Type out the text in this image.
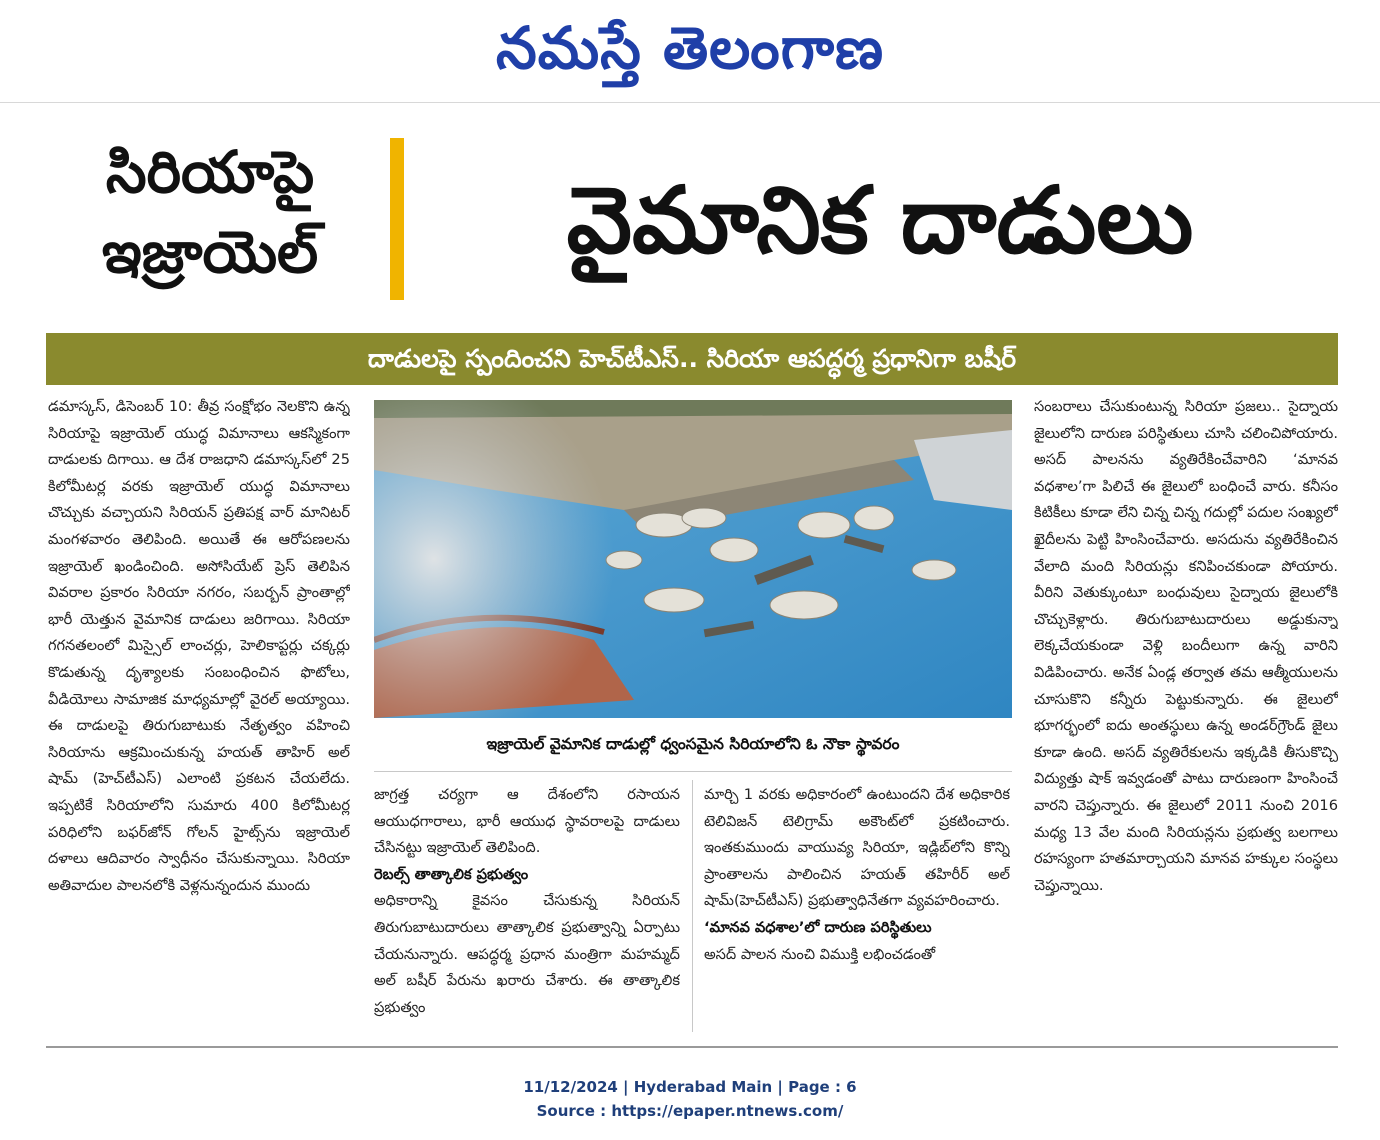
నమస్తే తెలంగాణ
సిరియాపై
ఇజ్రాయెల్	వైమానిక దాడులు
దాడులపై స్పందించని హెచ్‌టీఎస్.. సిరియా ఆపద్ధర్మ ప్రధానిగా బషీర్

డమాస్కస్, డిసెంబర్ 10: తీవ్ర సంక్షోభం నెలకొని ఉన్న సిరియాపై ఇజ్రాయెల్ యుద్ధ విమానాలు ఆకస్మికంగా దాడులకు దిగాయి. ఆ దేశ రాజధాని డమాస్కస్‌లో 25 కిలోమీటర్ల వరకు ఇజ్రాయెల్ యుద్ధ విమానాలు చొచ్చుకు వచ్చాయని సిరియన్ ప్రతిపక్ష వార్ మానిటర్ మంగళవారం తెలిపింది. అయితే ఈ ఆరోపణలను ఇజ్రాయెల్ ఖండించింది. అసోసియేట్ ప్రెస్ తెలిపిన వివరాల ప్రకారం సిరియా నగరం, సబర్బన్ ప్రాంతాల్లో భారీ యెత్తున వైమానిక దాడులు జరిగాయి. సిరియా గగనతలంలో మిస్సైల్ లాంచర్లు, హెలికాప్టర్లు చక్కర్లు కొడుతున్న దృశ్యాలకు సంబంధించిన ఫొటోలు, వీడియోలు సామాజిక మాధ్యమాల్లో వైరల్ అయ్యాయి. ఈ దాడులపై తిరుగుబాటుకు నేతృత్వం వహించి సిరియాను ఆక్రమించుకున్న హయత్ తాహిర్ అల్ షామ్ (హెచ్‌టీఎస్) ఎలాంటి ప్రకటన చేయలేదు. ఇప్పటికే సిరియాలోని సుమారు 400 కిలోమీటర్ల పరిధిలోని బఫర్‌జోన్ గోలన్ హైట్స్‌ను ఇజ్రాయెల్ దళాలు ఆదివారం స్వాధీనం చేసుకున్నాయి. సిరియా అతివాదుల పాలనలోకి వెళ్లనున్నందున ముందు

ఇజ్రాయెల్ వైమానిక దాడుల్లో ధ్వంసమైన సిరియాలోని ఓ నౌకా స్థావరం

జాగ్రత్త చర్యగా ఆ దేశంలోని రసాయన ఆయుధగారాలు, భారీ ఆయుధ స్థావరాలపై దాడులు చేసినట్టు ఇజ్రాయెల్ తెలిపింది.

రెబల్స్ తాత్కాలిక ప్రభుత్వం

అధికారాన్ని కైవసం చేసుకున్న సిరియన్ తిరుగుబాటుదారులు తాత్కాలిక ప్రభుత్వాన్ని ఏర్పాటు చేయనున్నారు. ఆపద్ధర్మ ప్రధాన మంత్రిగా మహమ్మద్ అల్ బషీర్ పేరును ఖరారు చేశారు. ఈ తాత్కాలిక ప్రభుత్వం

మార్చి 1 వరకు అధికారంలో ఉంటుందని దేశ అధికారిక టెలివిజన్ టెలిగ్రామ్ అకౌంట్‌లో ప్రకటించారు. ఇంతకుముందు వాయువ్య సిరియా, ఇడ్లిబ్‌లోని కొన్ని ప్రాంతాలను పాలించిన హయత్ తహిరీర్ అల్ షామ్(హెచ్‌టీఎస్) ప్రభుత్వాధినేతగా వ్యవహరించారు.

‘మానవ వధశాల’లో దారుణ పరిస్థితులు

అసద్ పాలన నుంచి విముక్తి లభించడంతో

సంబరాలు చేసుకుంటున్న సిరియా ప్రజలు.. సైద్నాయ జైలులోని దారుణ పరిస్థితులు చూసి చలించిపోయారు. అసద్ పాలనను వ్యతిరేకించేవారిని ‘మానవ వధశాల’గా పిలిచే ఈ జైలులో బంధించే వారు. కనీసం కిటికీలు కూడా లేని చిన్న చిన్న గదుల్లో పదుల సంఖ్యలో ఖైదీలను పెట్టి హింసించేవారు. అసదును వ్యతిరేకించిన వేలాది మంది సిరియన్లు కనిపించకుండా పోయారు. వీరిని వెతుక్కుంటూ బంధువులు సైద్నాయ జైలులోకి చొచ్చుకెళ్లారు. తిరుగుబాటుదారులు అడ్డుకున్నా లెక్కచేయకుండా వెళ్లి బందీలుగా ఉన్న వారిని విడిపించారు. అనేక ఏండ్ల తర్వాత తమ ఆత్మీయులను చూసుకొని కన్నీరు పెట్టుకున్నారు. ఈ జైలులో భూగర్భంలో ఐదు అంతస్థులు ఉన్న అండర్‌గ్రౌండ్ జైలు కూడా ఉంది. అసద్ వ్యతిరేకులను ఇక్కడికి తీసుకొచ్చి విద్యుత్తు షాక్ ఇవ్వడంతో పాటు దారుణంగా హింసించే వారని చెప్తున్నారు. ఈ జైలులో 2011 నుంచి 2016 మధ్య 13 వేల మంది సిరియన్లను ప్రభుత్వ బలగాలు రహస్యంగా హతమార్చాయని మానవ హక్కుల సంస్థలు చెప్తున్నాయి.

11/12/2024 | Hyderabad Main | Page : 6
Source : https://epaper.ntnews.com/
